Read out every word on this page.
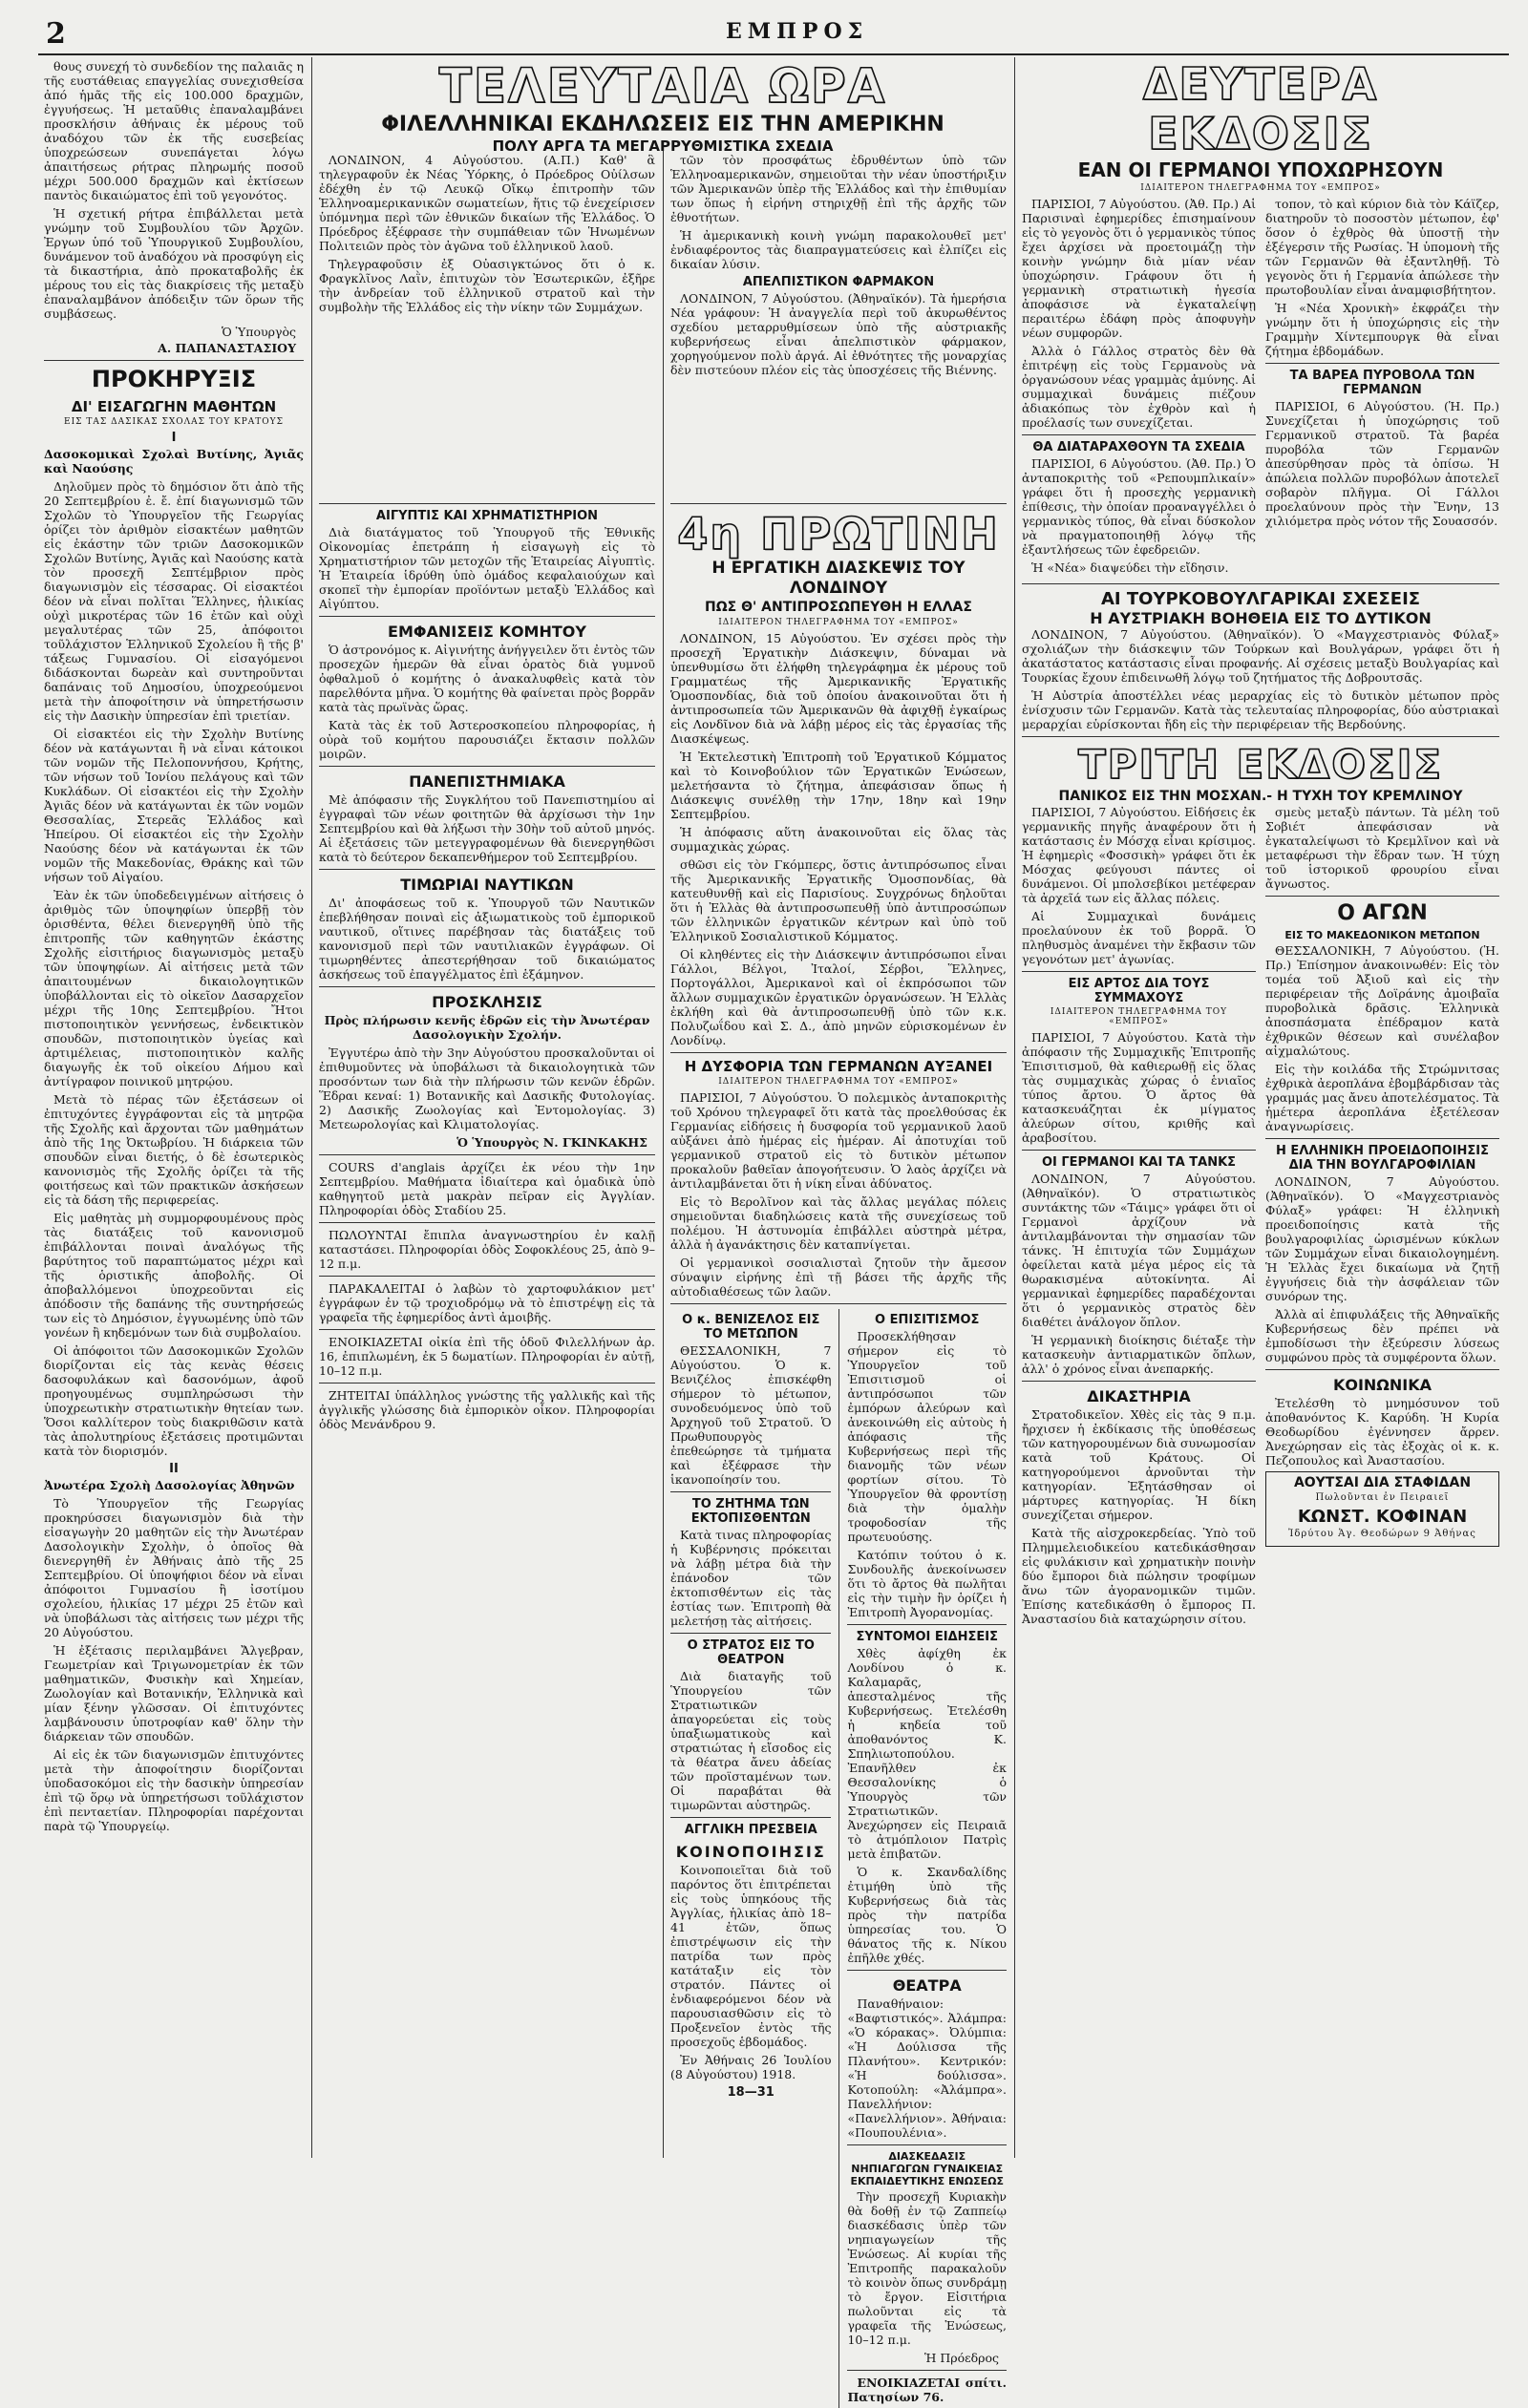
2	ΕΜΠΡΟΣ

θους συνεχή τὸ συνδεδίον της παλαιᾶς η τῆς ευστάθειας επαγγελίας συνεχισθείσα ἀπό ἡμᾶς τῆς εἰς 100.000 δραχμῶν, ἐγγυήσεως. Ἡ μεταῦθις ἐπαναλαμβάνει προσκλήσιν ἀθήναις ἐκ μέρους τοῦ ἀναδόχου τῶν ἐκ τῆς ευσεβείας ὑποχρεώσεων συνεπάγεται λόγω ἀπαιτήσεως ρήτρας πληρωμής ποσοῦ μέχρι 500.000 δραχμῶν καὶ ἐκτίσεων παντὸς δικαιώματος ἐπὶ τοῦ γεγονότος.

Ἡ σχετική ρήτρα ἐπιβάλλεται μετὰ γνώμην τοῦ Συμβουλίου τῶν Ἀρχῶν. Ἐργων ὑπό τοῦ Ὑπουργικοῦ Συμβουλίου, δυνάμενον τοῦ ἀναδόχου νὰ προσφύγη εἰς τὰ δικαστήρια, ἀπὸ προκαταβολῆς ἐκ μέρους του εἰς τὰς διακρίσεις τῆς μεταξὺ ἐπαναλαμβάνον ἀπόδειξιν τῶν ὅρων τῆς συμβάσεως.

Ὁ Ὑπουργὸς
Α. ΠΑΠΑΝΑΣΤΑΣΙΟΥ
ΠΡΟΚΗΡΥΞΙΣ
ΔΙ' ΕΙΣΑΓΩΓΗΝ ΜΑΘΗΤΩΝ
ΕΙΣ ΤΑΣ ΔΑΣΙΚΑΣ ΣΧΟΛΑΣ ΤΟΥ ΚΡΑΤΟΥΣ
Ι

Δασοκομικαὶ Σχολαὶ Βυτίνης, Ἀγιᾶς καὶ Ναούσης

Δηλοῦμεν πρὸς τὸ δημόσιον ὅτι ἀπὸ τῆς 20 Σεπτεμβρίου ἐ. ἔ. ἐπί διαγωνισμῶ τῶν Σχολῶν τὸ Ὑπουργεῖον τῆς Γεωργίας ὁρίζει τὸν ἀριθμὸν εἰσακτέων μαθητῶν εἰς ἑκάστην τῶν τριῶν Δασοκομικῶν Σχολῶν Βυτίνης, Ἀγιᾶς καὶ Ναούσης κατὰ τὸν προσεχῆ Σεπτέμβριον πρὸς διαγωνισμὸν εἰς τέσσαρας. Οἱ εἰσακτέοι δέον νὰ εἶναι πολῖται Ἕλληνες, ἡλικίας οὐχὶ μικροτέρας τῶν 16 ἐτῶν καὶ οὐχὶ μεγαλυτέρας τῶν 25, ἀπόφοιτοι τοῦλάχιστον Ἑλληνικοῦ Σχολείου ἢ τῆς β' τάξεως Γυμνασίου. Οἱ εἰσαγόμενοι διδάσκονται δωρεὰν καὶ συντηροῦνται δαπάναις τοῦ Δημοσίου, ὑποχρεούμενοι μετὰ τὴν ἀποφοίτησιν νὰ ὑπηρετήσωσιν εἰς τὴν Δασικὴν ὑπηρεσίαν ἐπὶ τριετίαν.

Οἱ εἰσακτέοι εἰς τὴν Σχολὴν Βυτίνης δέον νὰ κατάγωνται ἢ νὰ εἶναι κάτοικοι τῶν νομῶν τῆς Πελοποννήσου, Κρήτης, τῶν νήσων τοῦ Ἰονίου πελάγους καὶ τῶν Κυκλάδων. Οἱ εἰσακτέοι εἰς τὴν Σχολὴν Ἀγιᾶς δέον νὰ κατάγωνται ἐκ τῶν νομῶν Θεσσαλίας, Στερεᾶς Ἑλλάδος καὶ Ἠπείρου. Οἱ εἰσακτέοι εἰς τὴν Σχολὴν Ναούσης δέον νὰ κατάγωνται ἐκ τῶν νομῶν τῆς Μακεδονίας, Θράκης καὶ τῶν νήσων τοῦ Αἰγαίου.

Ἐὰν ἐκ τῶν ὑποδεδειγμένων αἰτήσεις ὁ ἀριθμὸς τῶν ὑποψηφίων ὑπερβῇ τὸν ὁρισθέντα, θέλει διενεργηθῆ ὑπὸ τῆς ἐπιτροπῆς τῶν καθηγητῶν ἑκάστης Σχολῆς εἰσιτήριος διαγωνισμὸς μεταξὺ τῶν ὑποψηφίων. Αἱ αἰτήσεις μετὰ τῶν ἀπαιτουμένων δικαιολογητικῶν ὑποβάλλονται εἰς τὸ οἰκεῖον Δασαρχεῖον μέχρι τῆς 10ης Σεπτεμβρίου. Ἤτοι πιστοποιητικὸν γεννήσεως, ἐνδεικτικὸν σπουδῶν, πιστοποιητικὸν ὑγείας καὶ ἀρτιμέλειας, πιστοποιητικὸν καλῆς διαγωγῆς ἐκ τοῦ οἰκείου Δήμου καὶ ἀντίγραφον ποινικοῦ μητρῴου.

Μετὰ τὸ πέρας τῶν ἐξετάσεων οἱ ἐπιτυχόντες ἐγγράφονται εἰς τὰ μητρῷα τῆς Σχολῆς καὶ ἄρχονται τῶν μαθημάτων ἀπὸ τῆς 1ης Ὀκτωβρίου. Ἡ διάρκεια τῶν σπουδῶν εἶναι διετής, ὁ δὲ ἐσωτερικὸς κανονισμὸς τῆς Σχολῆς ὁρίζει τὰ τῆς φοιτήσεως καὶ τῶν πρακτικῶν ἀσκήσεων εἰς τὰ δάση τῆς περιφερείας.

Εἰς μαθητὰς μὴ συμμορφουμένους πρὸς τὰς διατάξεις τοῦ κανονισμοῦ ἐπιβάλλονται ποιναὶ ἀναλόγως τῆς βαρύτητος τοῦ παραπτώματος μέχρι καὶ τῆς ὁριστικῆς ἀποβολῆς. Οἱ ἀποβαλλόμενοι ὑποχρεοῦνται εἰς ἀπόδοσιν τῆς δαπάνης τῆς συντηρήσεώς των εἰς τὸ Δημόσιον, ἐγγυωμένης ὑπὸ τῶν γονέων ἢ κηδεμόνων των διὰ συμβολαίου.

Οἱ ἀπόφοιτοι τῶν Δασοκομικῶν Σχολῶν διορίζονται εἰς τὰς κενὰς θέσεις δασοφυλάκων καὶ δασονόμων, ἀφοῦ προηγουμένως συμπληρώσωσι τὴν ὑποχρεωτικὴν στρατιωτικὴν θητείαν των. Ὅσοι καλλίτερον τοὺς διακριθῶσιν κατὰ τὰς ἀπολυτηρίους ἐξετάσεις προτιμῶνται κατὰ τὸν διορισμόν.

ΙΙ

Ἀνωτέρα Σχολὴ Δασολογίας Ἀθηνῶν

Τὸ Ὑπουργεῖον τῆς Γεωργίας προκηρύσσει διαγωνισμὸν διὰ τὴν εἰσαγωγὴν 20 μαθητῶν εἰς τὴν Ἀνωτέραν Δασολογικὴν Σχολὴν, ὁ ὁποῖος θὰ διενεργηθῆ ἐν Ἀθήναις ἀπὸ τῆς 25 Σεπτεμβρίου. Οἱ ὑποψήφιοι δέον νὰ εἶναι ἀπόφοιτοι Γυμνασίου ἢ ἰσοτίμου σχολείου, ἡλικίας 17 μέχρι 25 ἐτῶν καὶ νὰ ὑποβάλωσι τὰς αἰτήσεις των μέχρι τῆς 20 Αὐγούστου.

Ἡ ἐξέτασις περιλαμβάνει Ἄλγεβραν, Γεωμετρίαν καὶ Τριγωνομετρίαν ἐκ τῶν μαθηματικῶν, Φυσικὴν καὶ Χημείαν, Ζωολογίαν καὶ Βοτανικήν, Ἑλληνικὰ καὶ μίαν ξένην γλῶσσαν. Οἱ ἐπιτυχόντες λαμβάνουσιν ὑποτροφίαν καθ' ὅλην τὴν διάρκειαν τῶν σπουδῶν.

Αἱ εἰς ἐκ τῶν διαγωνισμῶν ἐπιτυχόντες μετὰ τὴν ἀποφοίτησιν διορίζονται ὑποδασοκόμοι εἰς τὴν δασικὴν ὑπηρεσίαν ἐπὶ τῷ ὅρῳ νὰ ὑπηρετήσωσι τοῦλάχιστον ἐπὶ πενταετίαν. Πληροφορίαι παρέχονται παρὰ τῷ Ὑπουργείῳ.

ΤΕΛΕΥΤΑΙΑ ΩΡΑ
ΦΙΛΕΛΛΗΝΙΚΑΙ ΕΚΔΗΛΩΣΕΙΣ ΕΙΣ ΤΗΝ ΑΜΕΡΙΚΗΝ
ΠΟΛΥ ΑΡΓΑ ΤΑ ΜΕΓΑΡΡΥΘΜΙΣΤΙΚΑ ΣΧΕΔΙΑ

ΛΟΝΔΙΝΟΝ, 4 Αὐγούστου. (Α.Π.) Καθ' ἃ τηλεγραφοῦν ἐκ Νέας Ὑόρκης, ὁ Πρόεδρος Οὐίλσων ἐδέχθη ἐν τῷ Λευκῷ Οἴκῳ ἐπιτροπὴν τῶν Ἑλληνοαμερικανικῶν σωματείων, ἥτις τῷ ἐνεχείρισεν ὑπόμνημα περὶ τῶν ἐθνικῶν δικαίων τῆς Ἑλλάδος. Ὁ Πρόεδρος ἐξέφρασε τὴν συμπάθειαν τῶν Ἡνωμένων Πολιτειῶν πρὸς τὸν ἀγῶνα τοῦ ἑλληνικοῦ λαοῦ.

Τηλεγραφοῦσιν ἐξ Οὐασιγκτώνος ὅτι ὁ κ. Φραγκλῖνος Λαῒν, ἐπιτυχὼν τὸν Ἐσωτερικῶν, ἐξῆρε τὴν ἀνδρείαν τοῦ ἑλληνικοῦ στρατοῦ καὶ τὴν συμβολὴν τῆς Ἑλλάδος εἰς τὴν νίκην τῶν Συμμάχων.

τῶν τὸν προσφάτως ἐδρυθέντων ὑπὸ τῶν Ἑλληνοαμερικανῶν, σημειοῦται τὴν νέαν ὑποστήριξιν τῶν Ἀμερικανῶν ὑπὲρ τῆς Ἑλλάδος καὶ τὴν ἐπιθυμίαν των ὅπως ἡ εἰρήνη στηριχθῇ ἐπὶ τῆς ἀρχῆς τῶν ἐθνοτήτων.

Ἡ ἀμερικανικὴ κοινὴ γνώμη παρακολουθεῖ μετ' ἐνδιαφέροντος τὰς διαπραγματεύσεις καὶ ἐλπίζει εἰς δικαίαν λύσιν.

ΑΠΕΛΠΙΣΤΙΚΟΝ ΦΑΡΜΑΚΟΝ

ΛΟΝΔΙΝΟΝ, 7 Αὐγούστου. (Ἀθηναϊκόν). Τὰ ἡμερήσια Νέα γράφουν: Ἡ ἀναγγελία περὶ τοῦ ἀκυρωθέντος σχεδίου μεταρρυθμίσεων ὑπὸ τῆς αὐστριακῆς κυβερνήσεως εἶναι ἀπελπιστικὸν φάρμακον, χορηγούμενον πολὺ ἀργά. Αἱ ἐθνότητες τῆς μοναρχίας δὲν πιστεύουν πλέον εἰς τὰς ὑποσχέσεις τῆς Βιέννης.

ΑΙΓΥΠΤΙΣ ΚΑΙ ΧΡΗΜΑΤΙΣΤΗΡΙΟΝ

Διὰ διατάγματος τοῦ Ὑπουργοῦ τῆς Ἐθνικῆς Οἰκονομίας ἐπετράπη ἡ εἰσαγωγὴ εἰς τὸ Χρηματιστήριον τῶν μετοχῶν τῆς Ἑταιρείας Αἰγυπτὶς. Ἡ Ἑταιρεία ἱδρύθη ὑπὸ ὁμάδος κεφαλαιούχων καὶ σκοπεῖ τὴν ἐμπορίαν προϊόντων μεταξὺ Ἑλλάδος καὶ Αἰγύπτου.

ΕΜΦΑΝΙΣΕΙΣ ΚΟΜΗΤΟΥ

Ὁ ἀστρονόμος κ. Αἰγινήτης ἀνήγγειλεν ὅτι ἐντὸς τῶν προσεχῶν ἡμερῶν θὰ εἶναι ὁρατὸς διὰ γυμνοῦ ὀφθαλμοῦ ὁ κομήτης ὁ ἀνακαλυφθεὶς κατὰ τὸν παρελθόντα μῆνα. Ὁ κομήτης θὰ φαίνεται πρὸς βορρᾶν κατὰ τὰς πρωϊνὰς ὥρας.

Κατὰ τὰς ἐκ τοῦ Ἀστεροσκοπείου πληροφορίας, ἡ οὐρὰ τοῦ κομήτου παρουσιάζει ἔκτασιν πολλῶν μοιρῶν.

ΠΑΝΕΠΙΣΤΗΜΙΑΚΑ

Μὲ ἀπόφασιν τῆς Συγκλήτου τοῦ Πανεπιστημίου αἱ ἐγγραφαὶ τῶν νέων φοιτητῶν θὰ ἀρχίσωσι τὴν 1ην Σεπτεμβρίου καὶ θὰ λήξωσι τὴν 30ὴν τοῦ αὐτοῦ μηνός. Αἱ ἐξετάσεις τῶν μετεγγραφομένων θὰ διενεργηθῶσι κατὰ τὸ δεύτερον δεκαπενθήμερον τοῦ Σεπτεμβρίου.

ΤΙΜΩΡΙΑΙ ΝΑΥΤΙΚΩΝ

Δι' ἀποφάσεως τοῦ κ. Ὑπουργοῦ τῶν Ναυτικῶν ἐπεβλήθησαν ποιναὶ εἰς ἀξιωματικοὺς τοῦ ἐμπορικοῦ ναυτικοῦ, οἵτινες παρέβησαν τὰς διατάξεις τοῦ κανονισμοῦ περὶ τῶν ναυτιλιακῶν ἐγγράφων. Οἱ τιμωρηθέντες ἀπεστερήθησαν τοῦ δικαιώματος ἀσκήσεως τοῦ ἐπαγγέλματος ἐπὶ ἑξάμηνον.

ΠΡΟΣΚΛΗΣΙΣ

Πρὸς πλήρωσιν κενῆς ἑδρῶν εἰς τὴν Ἀνωτέραν Δασολογικὴν Σχολήν.

Ἐγγυτέρω ἀπὸ τὴν 3ην Αὐγούστου προσκαλοῦνται οἱ ἐπιθυμοῦντες νὰ ὑποβάλωσι τὰ δικαιολογητικὰ τῶν προσόντων των διὰ τὴν πλήρωσιν τῶν κενῶν ἑδρῶν. Ἕδραι κεναί: 1) Βοτανικῆς καὶ Δασικῆς Φυτολογίας. 2) Δασικῆς Ζωολογίας καὶ Ἐντομολογίας. 3) Μετεωρολογίας καὶ Κλιματολογίας.

Ὁ Ὑπουργὸς Ν. ΓΚΙΝΚΑΚΗΣ

COURS d'anglais ἀρχίζει ἐκ νέου τὴν 1ην Σεπτεμβρίου. Μαθήματα ἰδιαίτερα καὶ ὁμαδικὰ ὑπὸ καθηγητοῦ μετὰ μακρὰν πεῖραν εἰς Ἀγγλίαν. Πληροφορίαι ὁδὸς Σταδίου 25.

ΠΩΛΟΥΝΤΑΙ ἔπιπλα ἀναγνωστηρίου ἐν καλῇ καταστάσει. Πληροφορίαι ὁδὸς Σοφοκλέους 25, ἀπὸ 9–12 π.μ.

ΠΑΡΑΚΑΛΕΙΤΑΙ ὁ λαβὼν τὸ χαρτοφυλάκιον μετ' ἐγγράφων ἐν τῷ τροχιοδρόμῳ νὰ τὸ ἐπιστρέψῃ εἰς τὰ γραφεῖα τῆς ἐφημερίδος ἀντὶ ἀμοιβῆς.

ΕΝΟΙΚΙΑΖΕΤΑΙ οἰκία ἐπὶ τῆς ὁδοῦ Φιλελλήνων ἀρ. 16, ἐπιπλωμένη, ἐκ 5 δωματίων. Πληροφορίαι ἐν αὐτῇ, 10–12 π.μ.

ΖΗΤΕΙΤΑΙ ὑπάλληλος γνώστης τῆς γαλλικῆς καὶ τῆς ἀγγλικῆς γλώσσης διὰ ἐμπορικὸν οἶκον. Πληροφορίαι ὁδὸς Μενάνδρου 9.

4η ΠΡΩΤΙΝΗ
Η ΕΡΓΑΤΙΚΗ ΔΙΑΣΚΕΨΙΣ ΤΟΥ ΛΟΝΔΙΝΟΥ
ΠΩΣ Θ' ΑΝΤΙΠΡΟΣΩΠΕΥΘΗ Η ΕΛΛΑΣ
ΙΔΙΑΙΤΕΡΟΝ ΤΗΛΕΓΡΑΦΗΜΑ ΤΟΥ «ΕΜΠΡΟΣ»

ΛΟΝΔΙΝΟΝ, 15 Αὐγούστου. Ἐν σχέσει πρὸς τὴν προσεχῆ Ἐργατικὴν Διάσκεψιν, δύναμαι νὰ ὑπενθυμίσω ὅτι ἐλήφθη τηλεγράφημα ἐκ μέρους τοῦ Γραμματέως τῆς Ἀμερικανικῆς Ἐργατικῆς Ὁμοσπονδίας, διὰ τοῦ ὁποίου ἀνακοινοῦται ὅτι ἡ ἀντιπροσωπεία τῶν Ἀμερικανῶν θὰ ἀφιχθῇ ἐγκαίρως εἰς Λονδῖνον διὰ νὰ λάβῃ μέρος εἰς τὰς ἐργασίας τῆς Διασκέψεως.

Ἡ Ἐκτελεστικὴ Ἐπιτροπὴ τοῦ Ἐργατικοῦ Κόμματος καὶ τὸ Κοινοβούλιον τῶν Ἐργατικῶν Ἑνώσεων, μελετήσαντα τὸ ζήτημα, ἀπεφάσισαν ὅπως ἡ Διάσκεψις συνέλθῃ τὴν 17ην, 18ην καὶ 19ην Σεπτεμβρίου.

Ἡ ἀπόφασις αὕτη ἀνακοινοῦται εἰς ὅλας τὰς συμμαχικὰς χώρας.

σθῶσι εἰς τὸν Γκόμπερς, ὅστις ἀντιπρόσωπος εἶναι τῆς Ἀμερικανικῆς Ἐργατικῆς Ὁμοσπονδίας, θὰ κατευθυνθῇ καὶ εἰς Παρισίους. Συγχρόνως δηλοῦται ὅτι ἡ Ἑλλὰς θὰ ἀντιπροσωπευθῇ ὑπὸ ἀντιπροσώπων τῶν ἑλληνικῶν ἐργατικῶν κέντρων καὶ ὑπὸ τοῦ Ἑλληνικοῦ Σοσιαλιστικοῦ Κόμματος.

Οἱ κληθέντες εἰς τὴν Διάσκεψιν ἀντιπρόσωποι εἶναι Γάλλοι, Βέλγοι, Ἰταλοί, Σέρβοι, Ἕλληνες, Πορτογάλλοι, Ἀμερικανοὶ καὶ οἱ ἐκπρόσωποι τῶν ἄλλων συμμαχικῶν ἐργατικῶν ὀργανώσεων. Ἡ Ἑλλὰς ἐκλήθη καὶ θὰ ἀντιπροσωπευθῇ ὑπὸ τῶν κ.κ. Πολυζωΐδου καὶ Σ. Δ., ἀπὸ μηνῶν εὑρισκομένων ἐν Λονδίνῳ.

Η ΔΥΣΦΟΡΙΑ ΤΩΝ ΓΕΡΜΑΝΩΝ ΑΥΞΑΝΕΙ
ΙΔΙΑΙΤΕΡΟΝ ΤΗΛΕΓΡΑΦΗΜΑ ΤΟΥ «ΕΜΠΡΟΣ»

ΠΑΡΙΣΙΟΙ, 7 Αὐγούστου. Ὁ πολεμικὸς ἀνταποκριτὴς τοῦ Χρόνου τηλεγραφεῖ ὅτι κατὰ τὰς προελθούσας ἐκ Γερμανίας εἰδήσεις ἡ δυσφορία τοῦ γερμανικοῦ λαοῦ αὐξάνει ἀπὸ ἡμέρας εἰς ἡμέραν. Αἱ ἀποτυχίαι τοῦ γερμανικοῦ στρατοῦ εἰς τὸ δυτικὸν μέτωπον προκαλοῦν βαθεῖαν ἀπογοήτευσιν. Ὁ λαὸς ἀρχίζει νὰ ἀντιλαμβάνεται ὅτι ἡ νίκη εἶναι ἀδύνατος.

Εἰς τὸ Βερολῖνον καὶ τὰς ἄλλας μεγάλας πόλεις σημειοῦνται διαδηλώσεις κατὰ τῆς συνεχίσεως τοῦ πολέμου. Ἡ ἀστυνομία ἐπιβάλλει αὐστηρὰ μέτρα, ἀλλὰ ἡ ἀγανάκτησις δὲν καταπνίγεται.

Οἱ γερμανικοὶ σοσιαλισταὶ ζητοῦν τὴν ἄμεσον σύναψιν εἰρήνης ἐπὶ τῇ βάσει τῆς ἀρχῆς τῆς αὐτοδιαθέσεως τῶν λαῶν.

Ο κ. ΒΕΝΙΖΕΛΟΣ ΕΙΣ ΤΟ ΜΕΤΩΠΟΝ

ΘΕΣΣΑΛΟΝΙΚΗ, 7 Αὐγούστου. Ὁ κ. Βενιζέλος ἐπισκέφθη σήμερον τὸ μέτωπον, συνοδευόμενος ὑπὸ τοῦ Ἀρχηγοῦ τοῦ Στρατοῦ. Ὁ Πρωθυπουργὸς ἐπεθεώρησε τὰ τμήματα καὶ ἐξέφρασε τὴν ἱκανοποίησίν του.

ΤΟ ΖΗΤΗΜΑ ΤΩΝ ΕΚΤΟΠΙΣΘΕΝΤΩΝ

Κατὰ τινας πληροφορίας ἡ Κυβέρνησις πρόκειται νὰ λάβῃ μέτρα διὰ τὴν ἐπάνοδον τῶν ἐκτοπισθέντων εἰς τὰς ἑστίας των. Ἐπιτροπὴ θὰ μελετήσῃ τὰς αἰτήσεις.

Ο ΣΤΡΑΤΟΣ ΕΙΣ ΤΟ ΘΕΑΤΡΟΝ

Διὰ διαταγῆς τοῦ Ὑπουργείου τῶν Στρατιωτικῶν ἀπαγορεύεται εἰς τοὺς ὑπαξιωματικοὺς καὶ στρατιώτας ἡ εἴσοδος εἰς τὰ θέατρα ἄνευ ἀδείας τῶν προϊσταμένων των. Οἱ παραβάται θὰ τιμωρῶνται αὐστηρῶς.

ΑΓΓΛΙΚΗ ΠΡΕΣΒΕΙΑ
ΚΟΙΝΟΠΟΙΗΣΙΣ

Κοινοποιεῖται διὰ τοῦ παρόντος ὅτι ἐπιτρέπεται εἰς τοὺς ὑπηκόους τῆς Ἀγγλίας, ἡλικίας ἀπὸ 18–41 ἐτῶν, ὅπως ἐπιστρέψωσιν εἰς τὴν πατρίδα των πρὸς κατάταξιν εἰς τὸν στρατόν. Πάντες οἱ ἐνδιαφερόμενοι δέον νὰ παρουσιασθῶσιν εἰς τὸ Προξενεῖον ἐντὸς τῆς προσεχοῦς ἑβδομάδος.

Ἐν Ἀθήναις 26 Ἰουλίου (8 Αὐγούστου) 1918.

18—31
Ο ΕΠΙΣΙΤΙΣΜΟΣ

Προσεκλήθησαν σήμερον εἰς τὸ Ὑπουργεῖον τοῦ Ἐπισιτισμοῦ οἱ ἀντιπρόσωποι τῶν ἐμπόρων ἀλεύρων καὶ ἀνεκοινώθη εἰς αὐτοὺς ἡ ἀπόφασις τῆς Κυβερνήσεως περὶ τῆς διανομῆς τῶν νέων φορτίων σίτου. Τὸ Ὑπουργεῖον θὰ φροντίσῃ διὰ τὴν ὁμαλὴν τροφοδοσίαν τῆς πρωτευούσης.

Κατόπιν τούτου ὁ κ. Συνδουλῆς ἀνεκοίνωσεν ὅτι τὸ ἄρτος θὰ πωλῆται εἰς τὴν τιμὴν ἣν ὁρίζει ἡ Ἐπιτροπὴ Ἀγορανομίας.

ΣΥΝΤΟΜΟΙ ΕΙΔΗΣΕΙΣ

Χθὲς ἀφίχθη ἐκ Λονδίνου ὁ κ. Καλαμαρᾶς, ἀπεσταλμένος τῆς Κυβερνήσεως. Ἐτελέσθη ἡ κηδεία τοῦ ἀποθανόντος Κ. Σπηλιωτοπούλου. Ἐπανῆλθεν ἐκ Θεσσαλονίκης ὁ Ὑπουργὸς τῶν Στρατιωτικῶν. Ἀνεχώρησεν εἰς Πειραιᾶ τὸ ἀτμόπλοιον Πατρὶς μετὰ ἐπιβατῶν.

Ὁ κ. Σκανδαλίδης ἐτιμήθη ὑπὸ τῆς Κυβερνήσεως διὰ τὰς πρὸς τὴν πατρίδα ὑπηρεσίας του. Ὁ θάνατος τῆς κ. Νίκου ἐπῆλθε χθές.

ΘΕΑΤΡΑ

Παναθήναιον: «Βαφτιστικός». Ἀλάμπρα: «Ὁ κόρακας». Ὀλύμπια: «Ἡ Δούλισσα τῆς Πλανήτου». Κεντρικόν: «Ἡ δούλισσα». Κοτοπούλη: «Ἀλάμπρα». Πανελλήνιον: «Πανελλήνιον». Ἀθήναια: «Πουπουλένια».

ΔΙΑΣΚΕΔΑΣΙΣ ΝΗΠΙΑΓΩΓΩΝ ΓΥΝΑΙΚΕΙΑΣ ΕΚΠΑΙΔΕΥΤΙΚΗΣ ΕΝΩΣΕΩΣ

Τὴν προσεχῆ Κυριακὴν θὰ δοθῇ ἐν τῷ Ζαππείῳ διασκέδασις ὑπὲρ τῶν νηπιαγωγείων τῆς Ἑνώσεως. Αἱ κυρίαι τῆς Ἐπιτροπῆς παρακαλοῦν τὸ κοινὸν ὅπως συνδράμῃ τὸ ἔργον. Εἰσιτήρια πωλοῦνται εἰς τὰ γραφεῖα τῆς Ἑνώσεως, 10–12 π.μ.

Ἡ Πρόεδρος

ΕΝΟΙΚΙΑΖΕΤΑΙ σπίτι. Πατησίων 76.

ΔΕΥΤΕΡΑ ΕΚΔΟΣΙΣ
ΕΑΝ ΟΙ ΓΕΡΜΑΝΟΙ ΥΠΟΧΩΡΗΣΟΥΝ
ΙΔΙΑΙΤΕΡΟΝ ΤΗΛΕΓΡΑΦΗΜΑ ΤΟΥ «ΕΜΠΡΟΣ»

ΠΑΡΙΣΙΟΙ, 7 Αὐγούστου. (Ἀθ. Πρ.) Αἱ Παρισιναὶ ἐφημερίδες ἐπισημαίνουν εἰς τὸ γεγονὸς ὅτι ὁ γερμανικὸς τύπος ἔχει ἀρχίσει νὰ προετοιμάζῃ τὴν κοινὴν γνώμην διὰ μίαν νέαν ὑποχώρησιν. Γράφουν ὅτι ἡ γερμανικὴ στρατιωτικὴ ἡγεσία ἀποφάσισε νὰ ἐγκαταλείψῃ περαιτέρω ἐδάφη πρὸς ἀποφυγὴν νέων συμφορῶν.

Ἀλλὰ ὁ Γάλλος στρατὸς δὲν θὰ ἐπιτρέψῃ εἰς τοὺς Γερμανοὺς νὰ ὀργανώσουν νέας γραμμὰς ἀμύνης. Αἱ συμμαχικαὶ δυνάμεις πιέζουν ἀδιακόπως τὸν ἐχθρὸν καὶ ἡ προέλασίς των συνεχίζεται.

ΘΑ ΔΙΑΤΑΡΑΧΘΟΥΝ ΤΑ ΣΧΕΔΙΑ

ΠΑΡΙΣΙΟΙ, 6 Αὐγούστου. (Ἀθ. Πρ.) Ὁ ἀνταποκριτὴς τοῦ «Ρεπουμπλικαίν» γράφει ὅτι ἡ προσεχὴς γερμανικὴ ἐπίθεσις, τὴν ὁποίαν προαναγγέλλει ὁ γερμανικὸς τύπος, θὰ εἶναι δύσκολον νὰ πραγματοποιηθῇ λόγῳ τῆς ἐξαντλήσεως τῶν ἐφεδρειῶν.

Ἡ «Νέα» διαψεύδει τὴν εἴδησιν.

τοπον, τὸ καὶ κύριον διὰ τὸν Κάϊζερ, διατηροῦν τὸ ποσοστὸν μέτωπον, ἐφ' ὅσον ὁ ἐχθρὸς θὰ ὑποστῇ τὴν ἐξέγερσιν τῆς Ρωσίας. Ἡ ὑπομονὴ τῆς τῶν Γερμανῶν θὰ ἐξαντληθῇ. Τὸ γεγονὸς ὅτι ἡ Γερμανία ἀπώλεσε τὴν πρωτοβουλίαν εἶναι ἀναμφισβήτητον.

Ἡ «Νέα Χρονικὴ» ἐκφράζει τὴν γνώμην ὅτι ἡ ὑποχώρησις εἰς τὴν Γραμμὴν Χίντεμπουργκ θὰ εἶναι ζήτημα ἑβδομάδων.

ΤΑ ΒΑΡΕΑ ΠΥΡΟΒΟΛΑ ΤΩΝ ΓΕΡΜΑΝΩΝ

ΠΑΡΙΣΙΟΙ, 6 Αὐγούστου. (Ἡ. Πρ.) Συνεχίζεται ἡ ὑποχώρησις τοῦ Γερμανικοῦ στρατοῦ. Τὰ βαρέα πυροβόλα τῶν Γερμανῶν ἀπεσύρθησαν πρὸς τὰ ὀπίσω. Ἡ ἀπώλεια πολλῶν πυροβόλων ἀποτελεῖ σοβαρὸν πλῆγμα. Οἱ Γάλλοι προελαύνουν πρὸς τὴν Ἔνην, 13 χιλιόμετρα πρὸς νότον τῆς Σουασσόν.

ΑΙ ΤΟΥΡΚΟΒΟΥΛΓΑΡΙΚΑΙ ΣΧΕΣΕΙΣ
Η ΑΥΣΤΡΙΑΚΗ ΒΟΗΘΕΙΑ ΕΙΣ ΤΟ ΔΥΤΙΚΟΝ

ΛΟΝΔΙΝΟΝ, 7 Αὐγούστου. (Ἀθηναϊκόν). Ὁ «Μαγχεστριανὸς Φύλαξ» σχολιάζων τὴν διάσκεψιν τῶν Τούρκων καὶ Βουλγάρων, γράφει ὅτι ἡ ἀκατάστατος κατάστασις εἶναι προφανής. Αἱ σχέσεις μεταξὺ Βουλγαρίας καὶ Τουρκίας ἔχουν ἐπιδεινωθῆ λόγῳ τοῦ ζητήματος τῆς Δοβρουτσᾶς.

Ἡ Αὐστρία ἀποστέλλει νέας μεραρχίας εἰς τὸ δυτικὸν μέτωπον πρὸς ἐνίσχυσιν τῶν Γερμανῶν. Κατὰ τὰς τελευταίας πληροφορίας, δύο αὐστριακαὶ μεραρχίαι εὑρίσκονται ἤδη εἰς τὴν περιφέρειαν τῆς Βερδούνης.

ΤΡΙΤΗ ΕΚΔΟΣΙΣ
ΠΑΝΙΚΟΣ ΕΙΣ ΤΗΝ ΜΟΣΧΑΝ.- Η ΤΥΧΗ ΤΟΥ ΚΡΕΜΛΙΝΟΥ

ΠΑΡΙΣΙΟΙ, 7 Αὐγούστου. Εἰδήσεις ἐκ γερμανικῆς πηγῆς ἀναφέρουν ὅτι ἡ κατάστασις ἐν Μόσχᾳ εἶναι κρίσιμος. Ἡ ἐφημερὶς «Φοσσικὴ» γράφει ὅτι ἐκ Μόσχας φεύγουσι πάντες οἱ δυνάμενοι. Οἱ μπολσεβίκοι μετέφεραν τὰ ἀρχεῖά των εἰς ἄλλας πόλεις.

Αἱ Συμμαχικαὶ δυνάμεις προελαύνουν ἐκ τοῦ βορρᾶ. Ὁ πληθυσμὸς ἀναμένει τὴν ἔκβασιν τῶν γεγονότων μετ' ἀγωνίας.

ΕΙΣ ΑΡΤΟΣ ΔΙΑ ΤΟΥΣ ΣΥΜΜΑΧΟΥΣ
ΙΔΙΑΙΤΕΡΟΝ ΤΗΛΕΓΡΑΦΗΜΑ ΤΟΥ «ΕΜΠΡΟΣ»

ΠΑΡΙΣΙΟΙ, 7 Αὐγούστου. Κατὰ τὴν ἀπόφασιν τῆς Συμμαχικῆς Ἐπιτροπῆς Ἐπισιτισμοῦ, θὰ καθιερωθῇ εἰς ὅλας τὰς συμμαχικὰς χώρας ὁ ἑνιαῖος τύπος ἄρτου. Ὁ ἄρτος θὰ κατασκευάζηται ἐκ μίγματος ἀλεύρων σίτου, κριθῆς καὶ ἀραβοσίτου.

ΟΙ ΓΕΡΜΑΝΟΙ ΚΑΙ ΤΑ ΤΑΝΚΣ

ΛΟΝΔΙΝΟΝ, 7 Αὐγούστου. (Ἀθηναϊκόν). Ὁ στρατιωτικὸς συντάκτης τῶν «Τάιμς» γράφει ὅτι οἱ Γερμανοὶ ἀρχίζουν νὰ ἀντιλαμβάνονται τὴν σημασίαν τῶν τάνκς. Ἡ ἐπιτυχία τῶν Συμμάχων ὀφείλεται κατὰ μέγα μέρος εἰς τὰ θωρακισμένα αὐτοκίνητα. Αἱ γερμανικαὶ ἐφημερίδες παραδέχονται ὅτι ὁ γερμανικὸς στρατὸς δὲν διαθέτει ἀνάλογον ὅπλον.

Ἡ γερμανικὴ διοίκησις διέταξε τὴν κατασκευὴν ἀντιαρματικῶν ὅπλων, ἀλλ' ὁ χρόνος εἶναι ἀνεπαρκής.

ΔΙΚΑΣΤΗΡΙΑ

Στρατοδικεῖον. Χθὲς εἰς τὰς 9 π.μ. ἤρχισεν ἡ ἐκδίκασις τῆς ὑποθέσεως τῶν κατηγορουμένων διὰ συνωμοσίαν κατὰ τοῦ Κράτους. Οἱ κατηγορούμενοι ἀρνοῦνται τὴν κατηγορίαν. Ἐξητάσθησαν οἱ μάρτυρες κατηγορίας. Ἡ δίκη συνεχίζεται σήμερον.

Κατὰ τῆς αἰσχροκερδείας. Ὑπὸ τοῦ Πλημμελειοδικείου κατεδικάσθησαν εἰς φυλάκισιν καὶ χρηματικὴν ποινὴν δύο ἔμποροι διὰ πώλησιν τροφίμων ἄνω τῶν ἀγορανομικῶν τιμῶν. Ἐπίσης κατεδικάσθη ὁ ἔμπορος Π. Ἀναστασίου διὰ καταχώρησιν σίτου.

σμεὺς μεταξὺ πάντων. Τὰ μέλη τοῦ Σοβιέτ ἀπεφάσισαν νὰ ἐγκαταλείψωσι τὸ Κρεμλῖνον καὶ νὰ μεταφέρωσι τὴν ἕδραν των. Ἡ τύχη τοῦ ἱστορικοῦ φρουρίου εἶναι ἄγνωστος.

Ο ΑΓΩΝ
ΕΙΣ ΤΟ ΜΑΚΕΔΟΝΙΚΟΝ ΜΕΤΩΠΟΝ

ΘΕΣΣΑΛΟΝΙΚΗ, 7 Αὐγούστου. (Ἡ. Πρ.) Ἐπίσημον ἀνακοινωθέν: Εἰς τὸν τομέα τοῦ Ἀξιοῦ καὶ εἰς τὴν περιφέρειαν τῆς Δοϊράνης ἀμοιβαῖα πυροβολικὰ δρᾶσις. Ἑλληνικὰ ἀποσπάσματα ἐπέδραμον κατὰ ἐχθρικῶν θέσεων καὶ συνέλαβον αἰχμαλώτους.

Εἰς τὴν κοιλάδα τῆς Στρώμνιτσας ἐχθρικὰ ἀεροπλάνα ἐβομβάρδισαν τὰς γραμμάς μας ἄνευ ἀποτελέσματος. Τὰ ἡμέτερα ἀεροπλάνα ἐξετέλεσαν ἀναγνωρίσεις.

Η ΕΛΛΗΝΙΚΗ ΠΡΟΕΙΔΟΠΟΙΗΣΙΣ ΔΙΑ ΤΗΝ ΒΟΥΛΓΑΡΟΦΙΛΙΑΝ

ΛΟΝΔΙΝΟΝ, 7 Αὐγούστου. (Ἀθηναϊκόν). Ὁ «Μαγχεστριανὸς Φύλαξ» γράφει: Ἡ ἑλληνικὴ προειδοποίησις κατὰ τῆς βουλγαροφιλίας ὡρισμένων κύκλων τῶν Συμμάχων εἶναι δικαιολογημένη. Ἡ Ἑλλὰς ἔχει δικαίωμα νὰ ζητῇ ἐγγυήσεις διὰ τὴν ἀσφάλειαν τῶν συνόρων της.

Ἀλλὰ αἱ ἐπιφυλάξεις τῆς Ἀθηναϊκῆς Κυβερνήσεως δὲν πρέπει νὰ ἐμποδίσωσι τὴν ἐξεύρεσιν λύσεως συμφώνου πρὸς τὰ συμφέροντα ὅλων.

ΚΟΙΝΩΝΙΚΑ

Ἐτελέσθη τὸ μνημόσυνον τοῦ ἀποθανόντος Κ. Καρύδη. Ἡ Κυρία Θεοδωρίδου ἐγέννησεν ἄρρεν. Ἀνεχώρησαν εἰς τὰς ἐξοχὰς οἱ κ. κ. Πεζοπουλος καὶ Ἀναστασίου.

ΑΟΥΤΣΑΙ ΔΙΑ ΣΤΑΦΙΔΑΝ
Πωλοῦνται ἐν Πειραιεῖ
ΚΩΝΣΤ. ΚΟΦΙΝΑΝ
Ἰδρύτου Ἁγ. Θεοδώρων 9 Ἀθήνας
